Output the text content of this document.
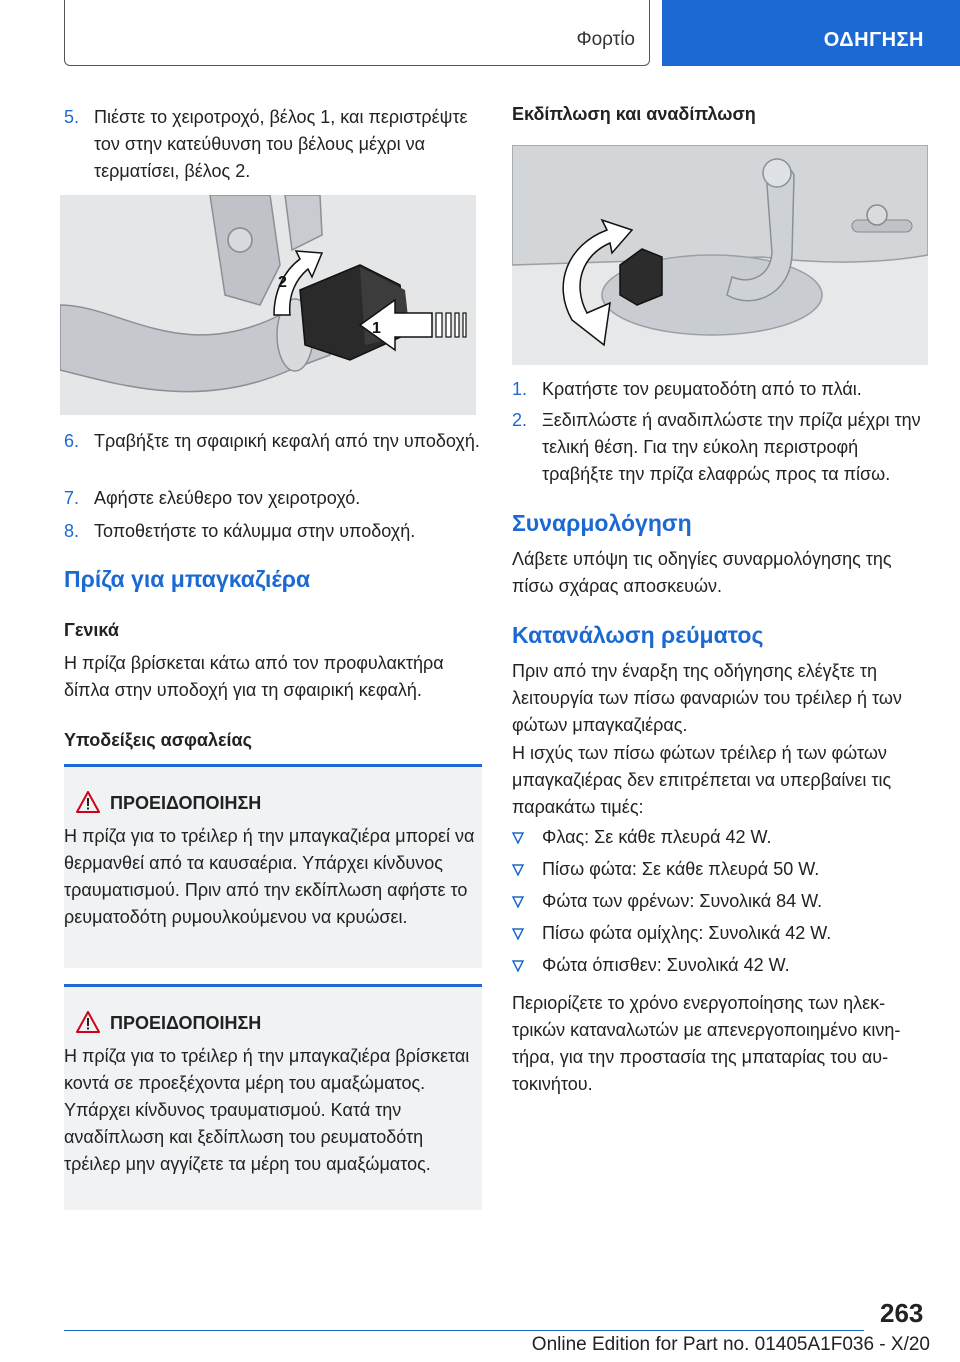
Φορτίο	ΟΔΗΓΗΣΗ
5. Πιέστε το χειροτροχό, βέλος 1, και περιστρέψτε τον στην κατεύθυνση του βέλους μέχρι να τερματίσει, βέλος 2.
2
1
6. Τραβήξτε τη σφαιρική κεφαλή από την υποδοχή.
7. Αφήστε ελεύθερο τον χειροτροχό.
8. Τοποθετήστε το κάλυμμα στην υποδοχή.
Πρίζα για μπαγκαζιέρα
Γενικά
Η πρίζα βρίσκεται κάτω από τον προφυλακτήρα δίπλα στην υποδοχή για τη σφαιρική κεφαλή.
Υποδείξεις ασφαλείας
ΠΡΟΕΙΔΟΠΟΙΗΣΗ
Η πρίζα για το τρέιλερ ή την μπαγκαζιέρα μπορεί να θερμανθεί από τα καυσαέρια. Υπάρχει κίνδυνος τραυματισμού. Πριν από την εκδίπλωση αφήστε το ρευματοδότη ρυμουλκούμενου να κρυώσει.
ΠΡΟΕΙΔΟΠΟΙΗΣΗ
Η πρίζα για το τρέιλερ ή την μπαγκαζιέρα βρίσκεται κοντά σε προεξέχοντα μέρη του αμαξώματος. Υπάρχει κίνδυνος τραυματισμού. Κατά την αναδίπλωση και ξεδίπλωση του ρευματοδότη τρέιλερ μην αγγίζετε τα μέρη του αμαξώματος.
Εκδίπλωση και αναδίπλωση
1. Κρατήστε τον ρευματοδότη από το πλάι.
2. Ξεδιπλώστε ή αναδιπλώστε την πρίζα μέχρι την τελική θέση. Για την εύκολη περιστροφή τραβήξτε την πρίζα ελαφρώς προς τα πίσω.
Συναρμολόγηση
Λάβετε υπόψη τις οδηγίες συναρμολόγησης της πίσω σχάρας αποσκευών.
Κατανάλωση ρεύματος
Πριν από την έναρξη της οδήγησης ελέγξτε τη λειτουργία των πίσω φαναριών του τρέιλερ ή των φώτων μπαγκαζιέρας.
Η ισχύς των πίσω φώτων τρέιλερ ή των φώτων μπαγκαζιέρας δεν επιτρέπεται να υπερβαίνει τις παρακάτω τιμές:
Φλας: Σε κάθε πλευρά 42 W.
Πίσω φώτα: Σε κάθε πλευρά 50 W.
Φώτα των φρένων: Συνολικά 84 W.
Πίσω φώτα ομίχλης: Συνολικά 42 W.
Φώτα όπισθεν: Συνολικά 42 W.
Περιορίζετε το χρόνο ενεργοποίησης των ηλεκτρικών καταναλωτών με απενεργοποιημένο κινητήρα, για την προστασία της μπαταρίας του αυτοκινήτου.
263
Online Edition for Part no. 01405A1F036 - X/20
